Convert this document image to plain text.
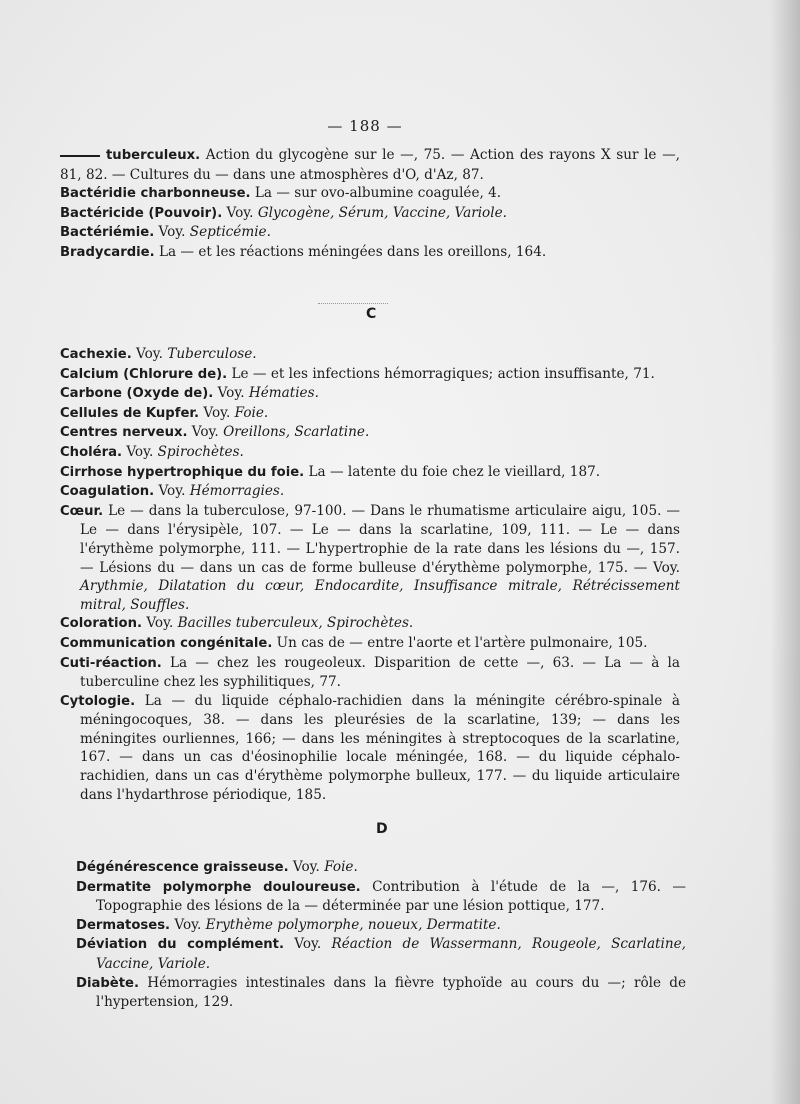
— 188 —

tuberculeux. Action du glycogène sur le —, 75. — Action des rayons X sur le —, 81, 82. — Cultures du — dans une atmosphères d'O, d'Az, 87.

Bactéridie charbonneuse. La — sur ovo-albumine coagulée, 4.

Bactéricide (Pouvoir). Voy. Glycogène, Sérum, Vaccine, Variole.

Bactériémie. Voy. Septicémie.

Bradycardie. La — et les réactions méningées dans les oreillons, 164.

C

Cachexie. Voy. Tuberculose.

Calcium (Chlorure de). Le — et les infections hémorragiques; action insuffisante, 71.

Carbone (Oxyde de). Voy. Hématies.

Cellules de Kupfer. Voy. Foie.

Centres nerveux. Voy. Oreillons, Scarlatine.

Choléra. Voy. Spirochètes.

Cirrhose hypertrophique du foie. La — latente du foie chez le vieillard, 187.

Coagulation. Voy. Hémorragies.

Cœur. Le — dans la tuberculose, 97-100. — Dans le rhumatisme articulaire aigu, 105. — Le — dans l'érysipèle, 107. — Le — dans la scarlatine, 109, 111. — Le — dans l'érythème polymorphe, 111. — L'hypertrophie de la rate dans les lésions du —, 157. — Lésions du — dans un cas de forme bulleuse d'érythème polymorphe, 175. — Voy. Arythmie, Dilatation du cœur, Endocardite, Insuffisance mitrale, Rétrécissement mitral, Souffles.

Coloration. Voy. Bacilles tuberculeux, Spirochètes.

Communication congénitale. Un cas de — entre l'aorte et l'artère pulmonaire, 105.

Cuti-réaction. La — chez les rougeoleux. Disparition de cette —, 63. — La — à la tuberculine chez les syphilitiques, 77.

Cytologie. La — du liquide céphalo-rachidien dans la méningite cérébro-spinale à méningocoques, 38. — dans les pleurésies de la scarlatine, 139; — dans les méningites ourliennes, 166; — dans les méningites à streptocoques de la scarlatine, 167. — dans un cas d'éosinophilie locale méningée, 168. — du liquide céphalo-rachidien, dans un cas d'érythème polymorphe bulleux, 177. — du liquide articulaire dans l'hydarthrose périodique, 185.

D

Dégénérescence graisseuse. Voy. Foie.

Dermatite polymorphe douloureuse. Contribution à l'étude de la —, 176. — Topographie des lésions de la — déterminée par une lésion pottique, 177.

Dermatoses. Voy. Erythème polymorphe, noueux, Dermatite.

Déviation du complément. Voy. Réaction de Wassermann, Rougeole, Scarlatine, Vaccine, Variole.

Diabète. Hémorragies intestinales dans la fièvre typhoïde au cours du —; rôle de l'hypertension, 129.
